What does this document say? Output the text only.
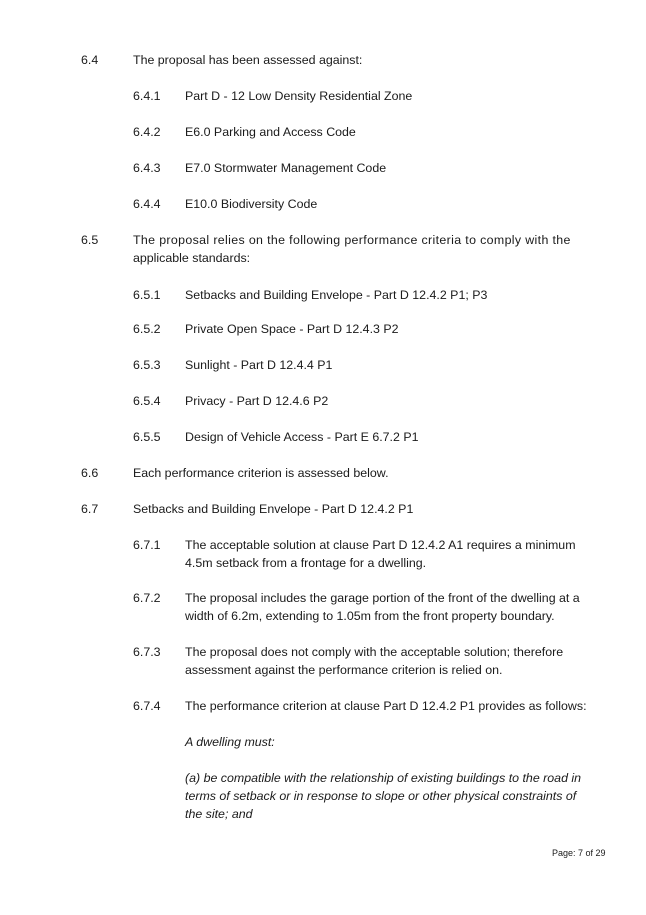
6.4	The proposal has been assessed against:
6.4.1 Part D - 12 Low Density Residential Zone
6.4.2 E6.0 Parking and Access Code
6.4.3 E7.0 Stormwater Management Code
6.4.4 E10.0 Biodiversity Code
6.5	The proposal relies on the following performance criteria to comply with the
applicable standards:
6.5.1 Setbacks and Building Envelope - Part D 12.4.2 P1; P3
6.5.2 Private Open Space - Part D 12.4.3 P2
6.5.3 Sunlight - Part D 12.4.4 P1
6.5.4 Privacy - Part D 12.4.6 P2
6.5.5 Design of Vehicle Access - Part E 6.7.2 P1
6.6	Each performance criterion is assessed below.
6.7	Setbacks and Building Envelope - Part D 12.4.2 P1
6.7.1 The acceptable solution at clause Part D 12.4.2 A1 requires a minimum
4.5m setback from a frontage for a dwelling.
6.7.2 The proposal includes the garage portion of the front of the dwelling at a
width of 6.2m, extending to 1.05m from the front property boundary.
6.7.3 The proposal does not comply with the acceptable solution; therefore
assessment against the performance criterion is relied on.
6.7.4 The performance criterion at clause Part D 12.4.2 P1 provides as follows:
A dwelling must:
(a) be compatible with the relationship of existing buildings to the road in
terms of setback or in response to slope or other physical constraints of
the site; and
Page: 7 of 29
